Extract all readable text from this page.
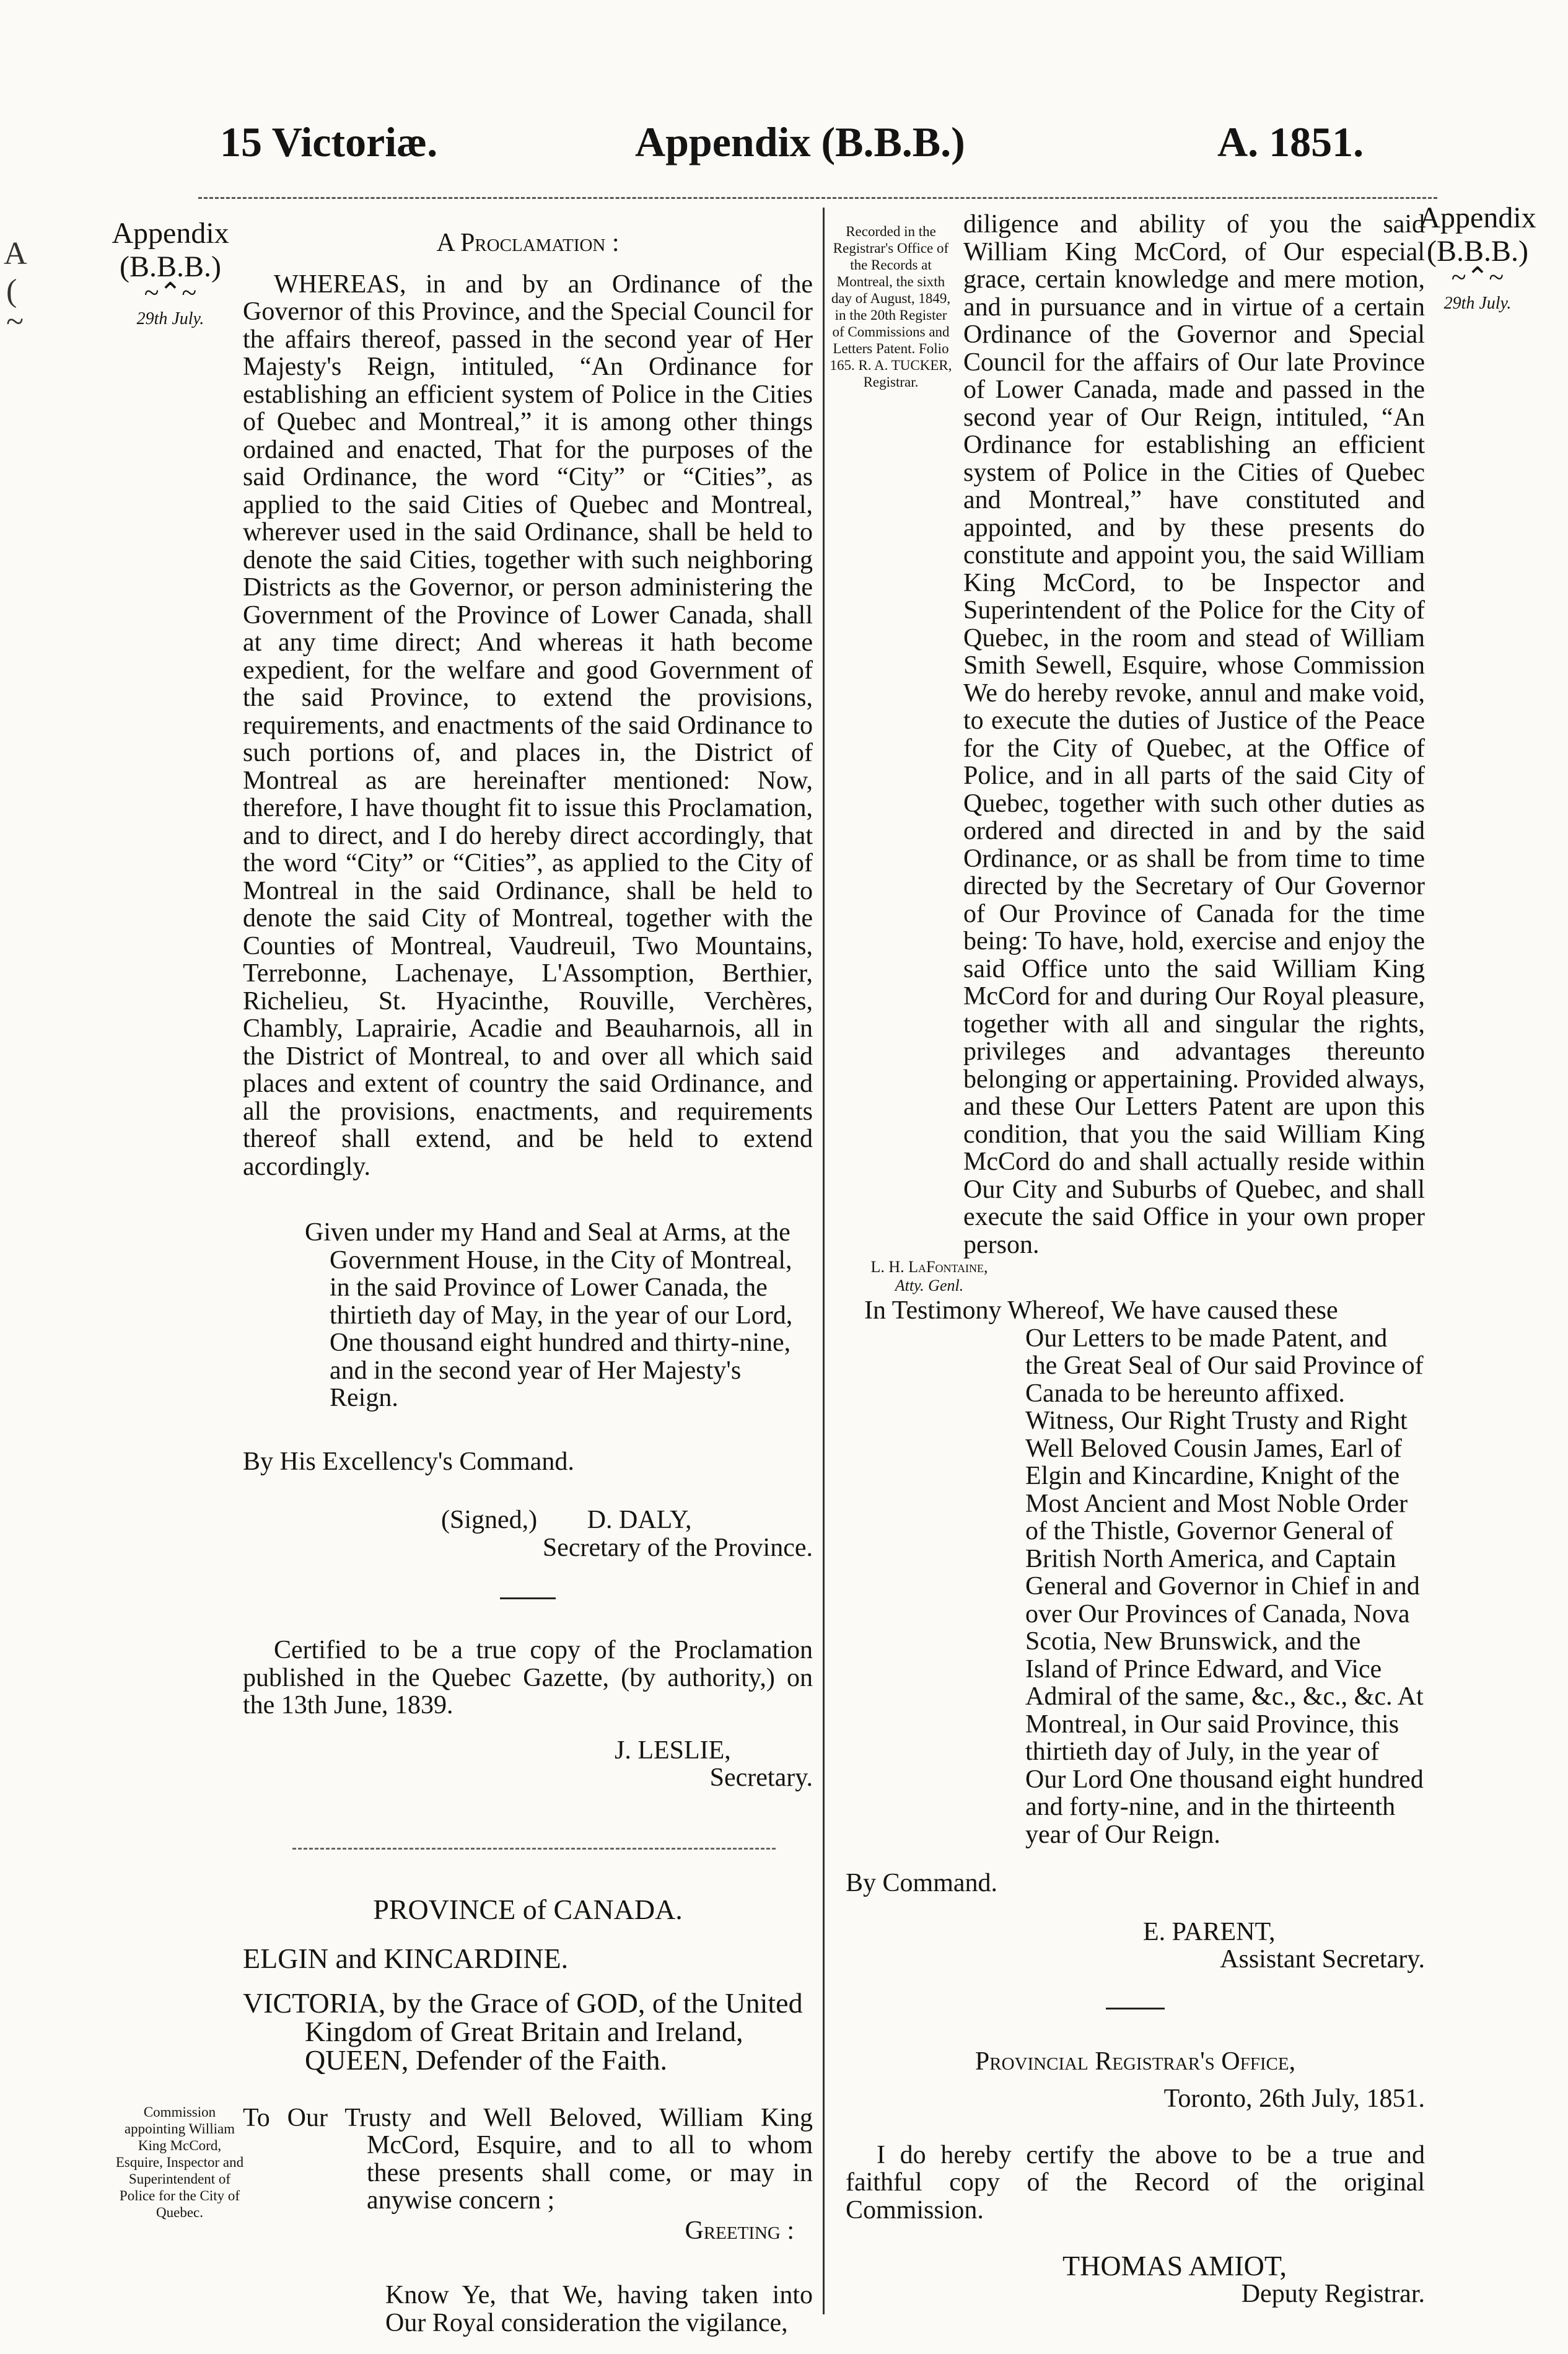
15 Victoriæ.	Appendix (B.B.B.)	A. 1851.
A
(
~
Appendix
(B.B.B.)
~⌃~
29th July.
Appendix
(B.B.B.)
~⌃~
29th July.

A Proclamation :

WHEREAS, in and by an Ordinance of the Governor of this Province, and the Special Council for the affairs thereof, passed in the second year of Her Majesty's Reign, intituled, “An Ordinance for establishing an efficient system of Police in the Cities of Quebec and Montreal,” it is among other things ordained and enacted, That for the purposes of the said Ordinance, the word “City” or “Cities”, as applied to the said Cities of Quebec and Montreal, wherever used in the said Ordinance, shall be held to denote the said Cities, together with such neighboring Districts as the Governor, or person administering the Government of the Province of Lower Canada, shall at any time direct; And whereas it hath become expedient, for the welfare and good Government of the said Province, to extend the provisions, requirements, and enactments of the said Ordinance to such portions of, and places in, the District of Montreal as are hereinafter mentioned: Now, therefore, I have thought fit to issue this Proclamation, and to direct, and I do hereby direct accordingly, that the word “City” or “Cities”, as applied to the City of Montreal in the said Ordinance, shall be held to denote the said City of Montreal, together with the Counties of Montreal, Vaudreuil, Two Mountains, Terrebonne, Lachenaye, L'Assomption, Berthier, Richelieu, St. Hyacinthe, Rouville, Verchères, Chambly, Laprairie, Acadie and Beauharnois, all in the District of Montreal, to and over all which said places and extent of country the said Ordinance, and all the provisions, enactments, and requirements thereof shall extend, and be held to extend accordingly.

Given under my Hand and Seal at Arms, at the Government House, in the City of Montreal, in the said Province of Lower Canada, the thirtieth day of May, in the year of our Lord, One thousand eight hundred and thirty-nine, and in the second year of Her Majesty's Reign.

By His Excellency's Command.

(Signed,) D. DALY,

Secretary of the Province.

Certified to be a true copy of the Proclamation published in the Quebec Gazette, (by authority,) on the 13th June, 1839.

J. LESLIE,

Secretary.

PROVINCE of CANADA.

ELGIN and KINCARDINE.

VICTORIA, by the Grace of GOD, of the United Kingdom of Great Britain and Ireland, QUEEN, Defender of the Faith.

To Our Trusty and Well Beloved, William King McCord, Esquire, and to all to whom these presents shall come, or may in anywise concern ;

Greeting :

Know Ye, that We, having taken into Our Royal consideration the vigilance,

Commission appointing William King McCord, Esquire, Inspector and Superintendent of Police for the City of Quebec.
Recorded in the Registrar's Office of the Records at Montreal, the sixth day of August, 1849, in the 20th Register of Commissions and Letters Patent. Folio 165. R. A. TUCKER, Registrar.

diligence and ability of you the said William King McCord, of Our especial grace, certain knowledge and mere motion, and in pursuance and in virtue of a certain Ordinance of the Governor and Special Council for the affairs of Our late Province of Lower Canada, made and passed in the second year of Our Reign, intituled, “An Ordinance for establishing an efficient system of Police in the Cities of Quebec and Montreal,” have constituted and appointed, and by these presents do constitute and appoint you, the said William King McCord, to be Inspector and Superintendent of the Police for the City of Quebec, in the room and stead of William Smith Sewell, Esquire, whose Commission We do hereby revoke, annul and make void, to execute the duties of Justice of the Peace for the City of Quebec, at the Office of Police, and in all parts of the said City of Quebec, together with such other duties as ordered and directed in and by the said Ordinance, or as shall be from time to time directed by the Secretary of Our Governor of Our Province of Canada for the time being: To have, hold, exercise and enjoy the said Office unto the said William King McCord for and during Our Royal pleasure, together with all and singular the rights, privileges and advantages thereunto belonging or appertaining. Provided always, and these Our Letters Patent are upon this condition, that you the said William King McCord do and shall actually reside within Our City and Suburbs of Quebec, and shall execute the said Office in your own proper person.

In Testimony Whereof, We have caused these

Our Letters to be made Patent, and the Great Seal of Our said Province of Canada to be hereunto affixed. Witness, Our Right Trusty and Right Well Beloved Cousin James, Earl of Elgin and Kincardine, Knight of the Most Ancient and Most Noble Order of the Thistle, Governor General of British North America, and Captain General and Governor in Chief in and over Our Provinces of Canada, Nova Scotia, New Brunswick, and the Island of Prince Edward, and Vice Admiral of the same, &c., &c., &c. At Montreal, in Our said Province, this thirtieth day of July, in the year of Our Lord One thousand eight hundred and forty-nine, and in the thirteenth year of Our Reign.

By Command.

E. PARENT,

Assistant Secretary.

Provincial Registrar's Office,

Toronto, 26th July, 1851.

I do hereby certify the above to be a true and faithful copy of the Record of the original Commission.

THOMAS AMIOT,

Deputy Registrar.

L. H. LaFontaine,
Atty. Genl.
